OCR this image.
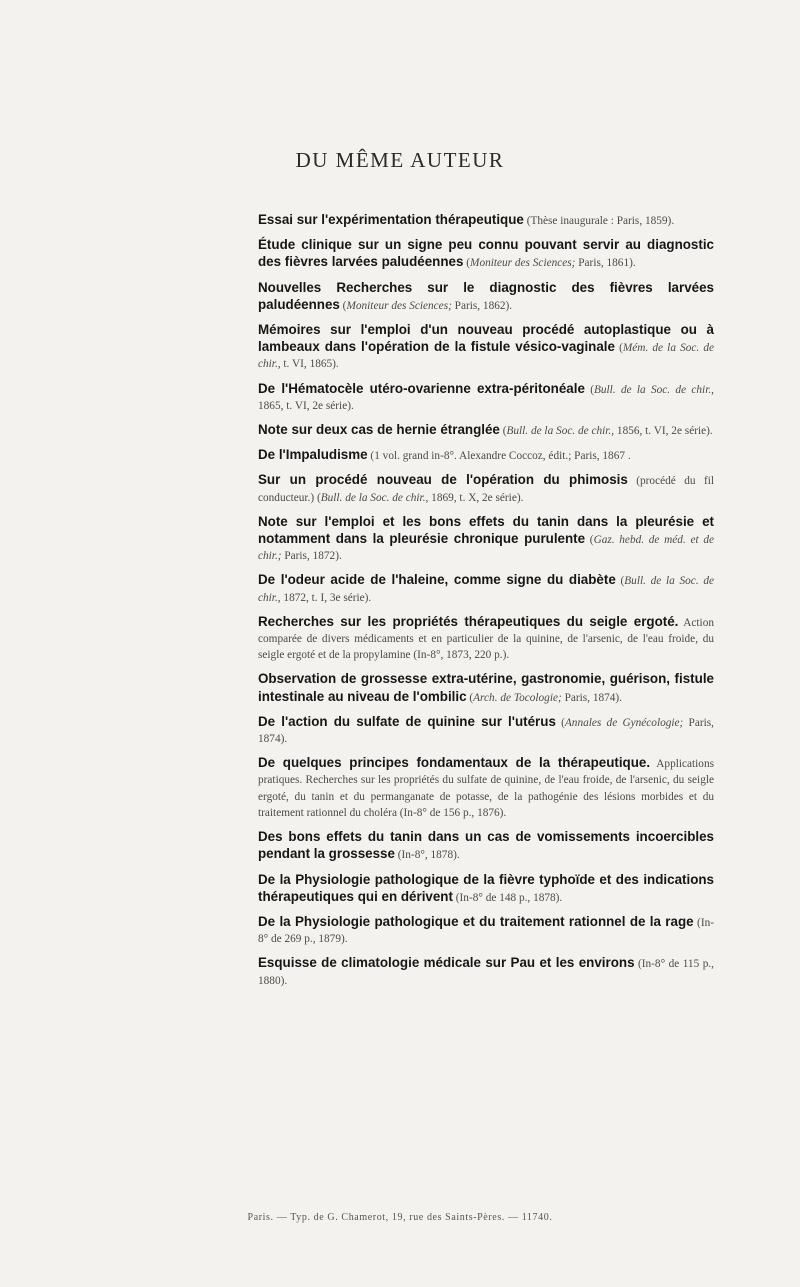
DU MÊME AUTEUR

Essai sur l'expérimentation thérapeutique (Thèse inaugurale : Paris, 1859).

Étude clinique sur un signe peu connu pouvant servir au diagnostic des fièvres larvées paludéennes (Moniteur des Sciences; Paris, 1861).

Nouvelles Recherches sur le diagnostic des fièvres larvées paludéennes (Moniteur des Sciences; Paris, 1862).

Mémoires sur l'emploi d'un nouveau procédé autoplastique ou à lambeaux dans l'opération de la fistule vésico-vaginale (Mém. de la Soc. de chir., t. VI, 1865).

De l'Hématocèle utéro-ovarienne extra-péritonéale (Bull. de la Soc. de chir., 1865, t. VI, 2e série).

Note sur deux cas de hernie étranglée (Bull. de la Soc. de chir., 1856, t. VI, 2e série).

De l'Impaludisme (1 vol. grand in-8°. Alexandre Coccoz, édit.; Paris, 1867 .

Sur un procédé nouveau de l'opération du phimosis (procédé du fil conducteur.) (Bull. de la Soc. de chir., 1869, t. X, 2e série).

Note sur l'emploi et les bons effets du tanin dans la pleurésie et notamment dans la pleurésie chronique purulente (Gaz. hebd. de méd. et de chir.; Paris, 1872).

De l'odeur acide de l'haleine, comme signe du diabète (Bull. de la Soc. de chir., 1872, t. I, 3e série).

Recherches sur les propriétés thérapeutiques du seigle ergoté. Action comparée de divers médicaments et en particulier de la quinine, de l'arsenic, de l'eau froide, du seigle ergoté et de la propylamine (In-8°, 1873, 220 p.).

Observation de grossesse extra-utérine, gastronomie, guérison, fistule intestinale au niveau de l'ombilic (Arch. de Tocologie; Paris, 1874).

De l'action du sulfate de quinine sur l'utérus (Annales de Gynécologie; Paris, 1874).

De quelques principes fondamentaux de la thérapeutique. Applications pratiques. Recherches sur les propriétés du sulfate de quinine, de l'eau froide, de l'arsenic, du seigle ergoté, du tanin et du permanganate de potasse, de la pathogénie des lésions morbides et du traitement rationnel du choléra (In-8° de 156 p., 1876).

Des bons effets du tanin dans un cas de vomissements incoercibles pendant la grossesse (In-8°, 1878).

De la Physiologie pathologique de la fièvre typhoïde et des indications thérapeutiques qui en dérivent (In-8° de 148 p., 1878).

De la Physiologie pathologique et du traitement rationnel de la rage (In-8° de 269 p., 1879).

Esquisse de climatologie médicale sur Pau et les environs (In-8° de 115 p., 1880).

Paris. — Typ. de G. Chamerot, 19, rue des Saints-Pères. — 11740.
